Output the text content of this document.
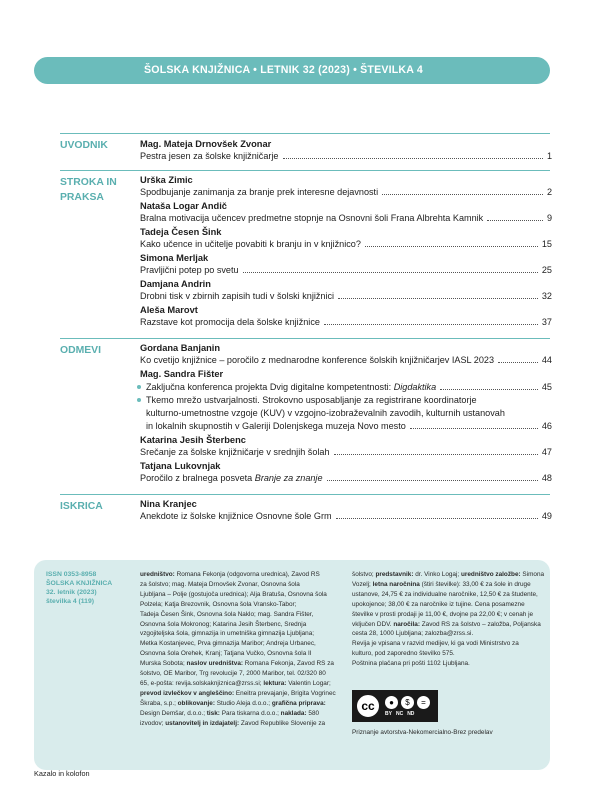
ŠOLSKA KNJIŽNICA • LETNIK 32 (2023) • ŠTEVILKA 4
UVODNIK	Mag. Mateja Drnovšek Zvonar
Pestra jesen za šolske knjižničarje	1
STROKA IN PRAKSA
Urška Zimic
Spodbujanje zanimanja za branje prek interesne dejavnosti	2
Nataša Logar Andič
Bralna motivacija učencev predmetne stopnje na Osnovni šoli Frana Albrehta Kamnik	9
Tadeja Česen Šink
Kako učence in učitelje povabiti k branju in v knjižnico?	15
Simona Merljak
Pravljični potep po svetu	25
Damjana Andrin
Drobni tisk v zbirnih zapisih tudi v šolski knjižnici	32
Aleša Marovt
Razstave kot promocija dela šolske knjižnice	37
ODMEVI	Gordana Banjanin
Ko cvetijo knjižnice – poročilo z mednarodne konference šolskih knjižničarjev IASL 2023	44
Mag. Sandra Fišter
Zaključna konferenca projekta Dvig digitalne kompetentnosti: Digdaktika	45
Tkemo mrežo ustvarjalnosti. Strokovno usposabljanje za registrirane koordinatorje
kulturno-umetnostne vzgoje (KUV) v vzgojno-izobraževalnih zavodih, kulturnih ustanovah
in lokalnih skupnostih v Galeriji Dolenjskega muzeja Novo mesto	46
Katarina Jesih Šterbenc
Srečanje za šolske knjižničarje v srednjih šolah	47
Tatjana Lukovnjak
Poročilo z bralnega posveta Branje za znanje	48
ISKRICA	Nina Kranjec
Anekdote iz šolske knjižnice Osnovne šole Grm	49
ISSN 0353-8958
ŠOLSKA KNJIŽNICA
32. letnik (2023)
številka 4 (119)
uredništvo: Romana Fekonja (odgovorna urednica), Zavod RS
za šolstvo; mag. Mateja Drnovšek Zvonar, Osnovna šola
Ljubljana – Polje (gostujoča urednica); Alja Bratuša, Osnovna šola
Polzela; Katja Brezovnik, Osnovna šola Vransko-Tabor;
Tadeja Česen Šink, Osnovna šola Naklo; mag. Sandra Fišter,
Osnovna šola Mokronog; Katarina Jesih Šterbenc, Srednja
vzgojiteljska šola, gimnazija in umetniška gimnazija Ljubljana;
Metka Kostanjevec, Prva gimnazija Maribor; Andreja Urbanec,
Osnovna šola Orehek, Kranj; Tatjana Vučko, Osnovna šola II
Murska Sobota; naslov uredništva: Romana Fekonja, Zavod RS za
šolstvo, OE Maribor, Trg revolucije 7, 2000 Maribor, tel. 02/320 80
65, e-pošta: revija.solskaknjiznica@zrss.si; lektura: Valentin Logar;
prevod izvlečkov v angleščino: Eneitra prevajanje, Brigita Vogrinec
Škraba, s.p.; oblikovanje: Studio Aleja d.o.o.; grafična priprava:
Design Demšar, d.o.o.; tisk: Para tiskarna d.o.o.; naklada: 580
izvodov; ustanovitelj in izdajatelj: Zavod Republike Slovenije za
šolstvo; predstavnik: dr. Vinko Logaj; uredništvo založbe: Simona
Vozelj; letna naročnina (štiri številke): 33,00 € za šole in druge
ustanove, 24,75 € za individualne naročnike, 12,50 € za študente,
upokojence; 38,00 € za naročnike iz tujine. Cena posamezne
številke v prosti prodaji je 11,00 €, dvojne pa 22,00 €; v cenah je
vključen DDV. naročila: Zavod RS za šolstvo – založba, Poljanska
cesta 28, 1000 Ljubljana; zalozba@zrss.si.
Revija je vpisana v razvid medijev, ki ga vodi Ministrstvo za
kulturo, pod zaporedno številko 575.
Poštnina plačana pri pošti 1102 Ljubljana.
cc	●	$	=
BY NC ND
Priznanje avtorstva-Nekomercialno-Brez predelav
Kazalo in kolofon
